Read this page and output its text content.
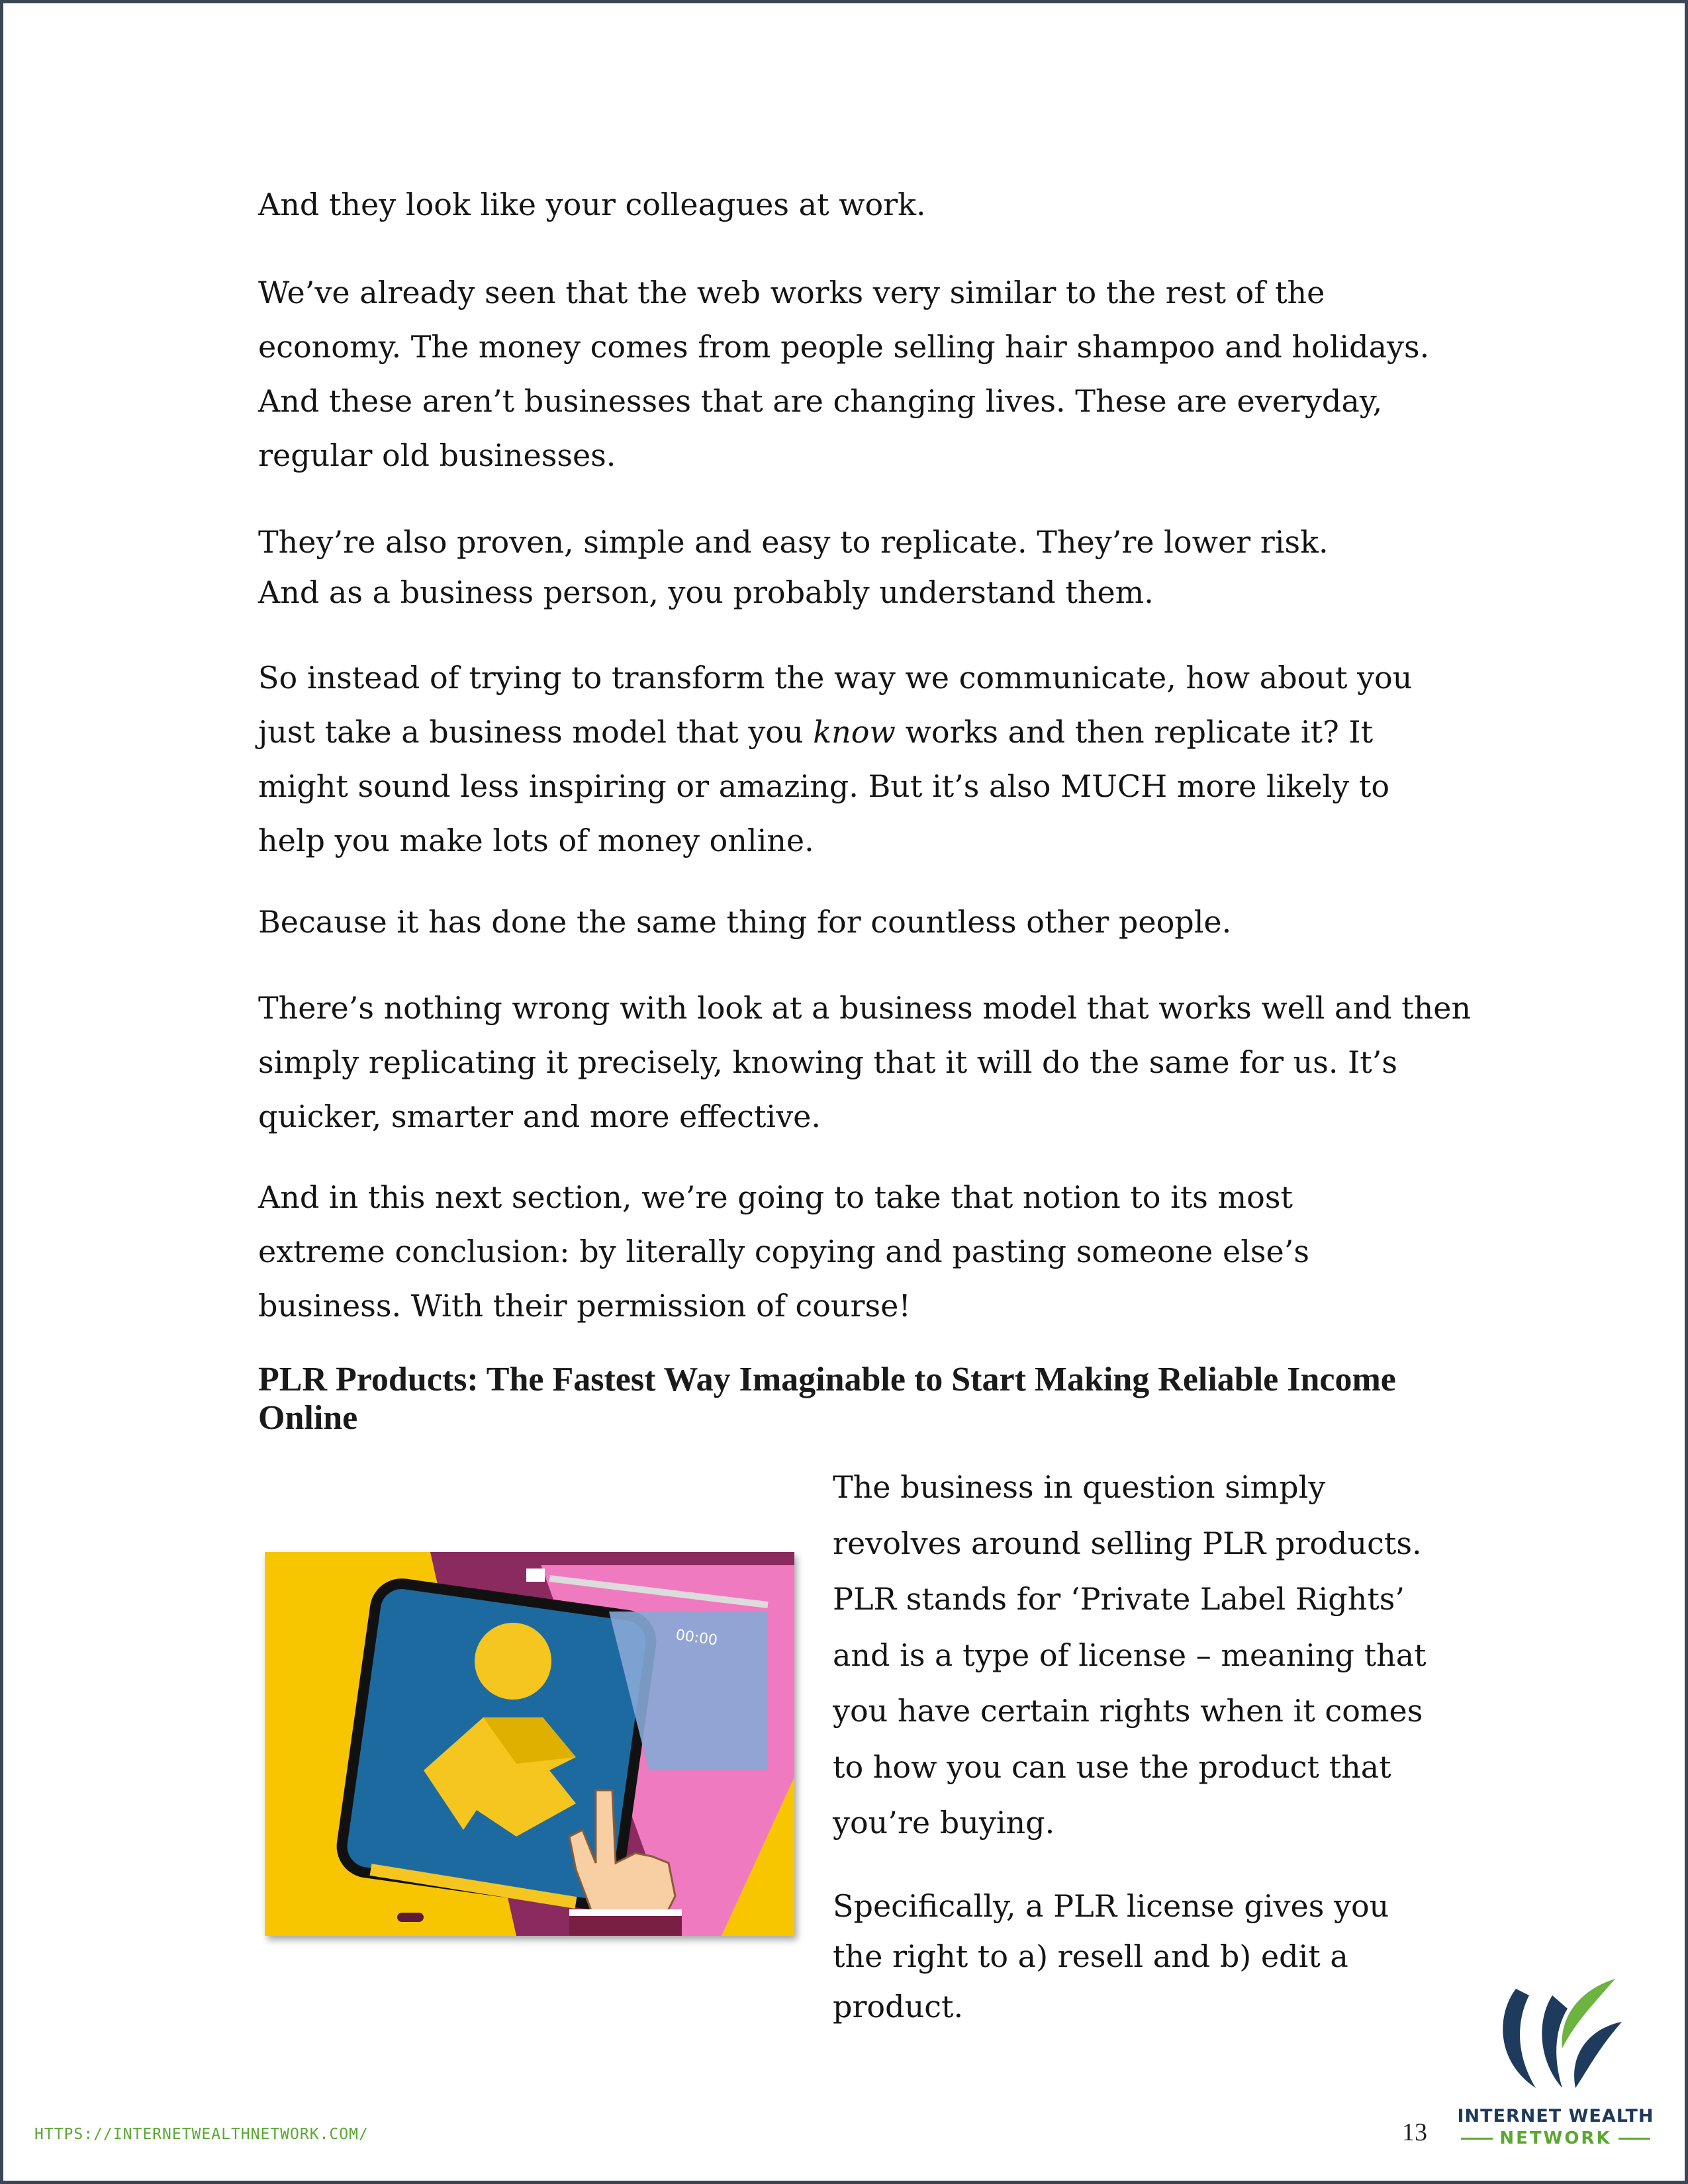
And they look like your colleagues at work.

We’ve already seen that the web works very similar to the rest of the
economy. The money comes from people selling hair shampoo and holidays.
And these aren’t businesses that are changing lives. These are everyday,
regular old businesses.

They’re also proven, simple and easy to replicate. They’re lower risk.
And as a business person, you probably understand them.

So instead of trying to transform the way we communicate, how about you
just take a business model that you know works and then replicate it? It
might sound less inspiring or amazing. But it’s also MUCH more likely to
help you make lots of money online.

Because it has done the same thing for countless other people.

There’s nothing wrong with look at a business model that works well and then
simply replicating it precisely, knowing that it will do the same for us. It’s
quicker, smarter and more effective.

And in this next section, we’re going to take that notion to its most
extreme conclusion: by literally copying and pasting someone else’s
business. With their permission of course!

PLR Products: The Fastest Way Imaginable to Start Making Reliable Income
Online

The business in question simply
revolves around selling PLR products.
PLR stands for ‘Private Label Rights’
and is a type of license – meaning that
you have certain rights when it comes
to how you can use the product that
you’re buying.

Specifically, a PLR license gives you
the right to a) resell and b) edit a
product.

00:00
HTTPS://INTERNETWEALTHNETWORK.COM/	13
INTERNET WEALTH
NETWORK
